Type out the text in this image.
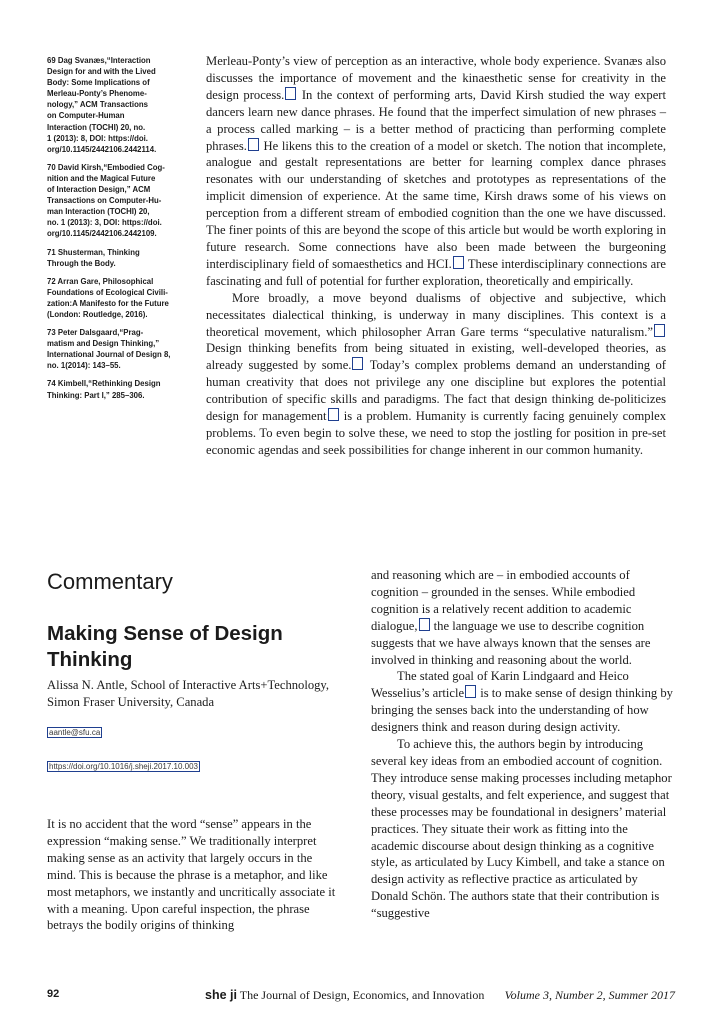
69 Dag Svanæs,“Interaction
Design for and with the Lived
Body: Some Implications of
Merleau-Ponty’s Phenome-
nology,” ACM Transactions
on Computer-Human
Interaction (TOCHI) 20, no.
1 (2013): 8, DOI: https://doi.
org/10.1145/2442106.2442114.
70 David Kirsh,“Embodied Cog-
nition and the Magical Future
of Interaction Design,” ACM
Transactions on Computer-Hu-
man Interaction (TOCHI) 20,
no. 1 (2013): 3, DOI: https://doi.
org/10.1145/2442106.2442109.
71 Shusterman, Thinking
Through the Body.
72 Arran Gare, Philosophical
Foundations of Ecological Civili-
zation:A Manifesto for the Future
(London: Routledge, 2016).
73 Peter Dalsgaard,“Prag-
matism and Design Thinking,”
International Journal of Design 8,
no. 1(2014): 143–55.
74 Kimbell,“Rethinking Design
Thinking: Part I,” 285–306.

Merleau-Ponty’s view of perception as an interactive, whole body experience. Svanæs also discusses the importance of movement and the kinaesthetic sense for creativity in the design process. In the context of performing arts, David Kirsh studied the way expert dancers learn new dance phrases. He found that the imperfect simulation of new phrases – a process called marking – is a better method of practicing than performing complete phrases. He likens this to the creation of a model or sketch. The notion that incomplete, analogue and gestalt representations are better for learning complex dance phrases resonates with our understanding of sketches and prototypes as representations of the implicit dimension of experience. At the same time, Kirsh draws some of his views on perception from a different stream of embodied cognition than the one we have discussed. The finer points of this are beyond the scope of this article but would be worth exploring in future research. Some connections have also been made between the burgeoning interdisciplinary field of somaesthetics and HCI. These interdisciplinary connections are fascinating and full of potential for further exploration, theoretically and empirically.

More broadly, a move beyond dualisms of objective and subjective, which necessitates dialectical thinking, is underway in many disciplines. This context is a theoretical movement, which philosopher Arran Gare terms “speculative naturalism.” Design thinking benefits from being situated in existing, well-developed theories, as already suggested by some. Today’s complex problems demand an understanding of human creativity that does not privilege any one discipline but explores the potential contribution of specific skills and paradigms. The fact that design thinking de-politicizes design for management is a problem. Humanity is currently facing genuinely complex problems. To even begin to solve these, we need to stop the jostling for position in pre-set economic agendas and seek possibilities for change inherent in our common humanity.

Commentary
Making Sense of Design Thinking
Alissa N. Antle, School of Interactive Arts+Technology,
Simon Fraser University, Canada
aantle@sfu.ca
https://doi.org/10.1016/j.sheji.2017.10.003

It is no accident that the word “sense” appears in the expression “making sense.” We traditionally interpret making sense as an activity that largely occurs in the mind. This is because the phrase is a metaphor, and like most metaphors, we instantly and uncritically associate it with a meaning. Upon careful inspection, the phrase betrays the bodily origins of thinking

and reasoning which are – in embodied accounts of cognition – grounded in the senses. While embodied cognition is a relatively recent addition to academic dialogue, the language we use to describe cognition suggests that we have always known that the senses are involved in thinking and reasoning about the world.

The stated goal of Karin Lindgaard and Heico Wesselius’s article is to make sense of design thinking by bringing the senses back into the understanding of how designers think and reason during design activity.

To achieve this, the authors begin by introducing several key ideas from an embodied account of cognition. They introduce sense making processes including metaphor theory, visual gestalts, and felt experience, and suggest that these processes may be foundational in designers’ material practices. They situate their work as fitting into the academic discourse about design thinking as a cognitive style, as articulated by Lucy Kimbell, and take a stance on design activity as reflective practice as articulated by Donald Schön. The authors state that their contribution is “suggestive

92	she ji The Journal of Design, Economics, and Innovation Volume 3, Number 2, Summer 2017
